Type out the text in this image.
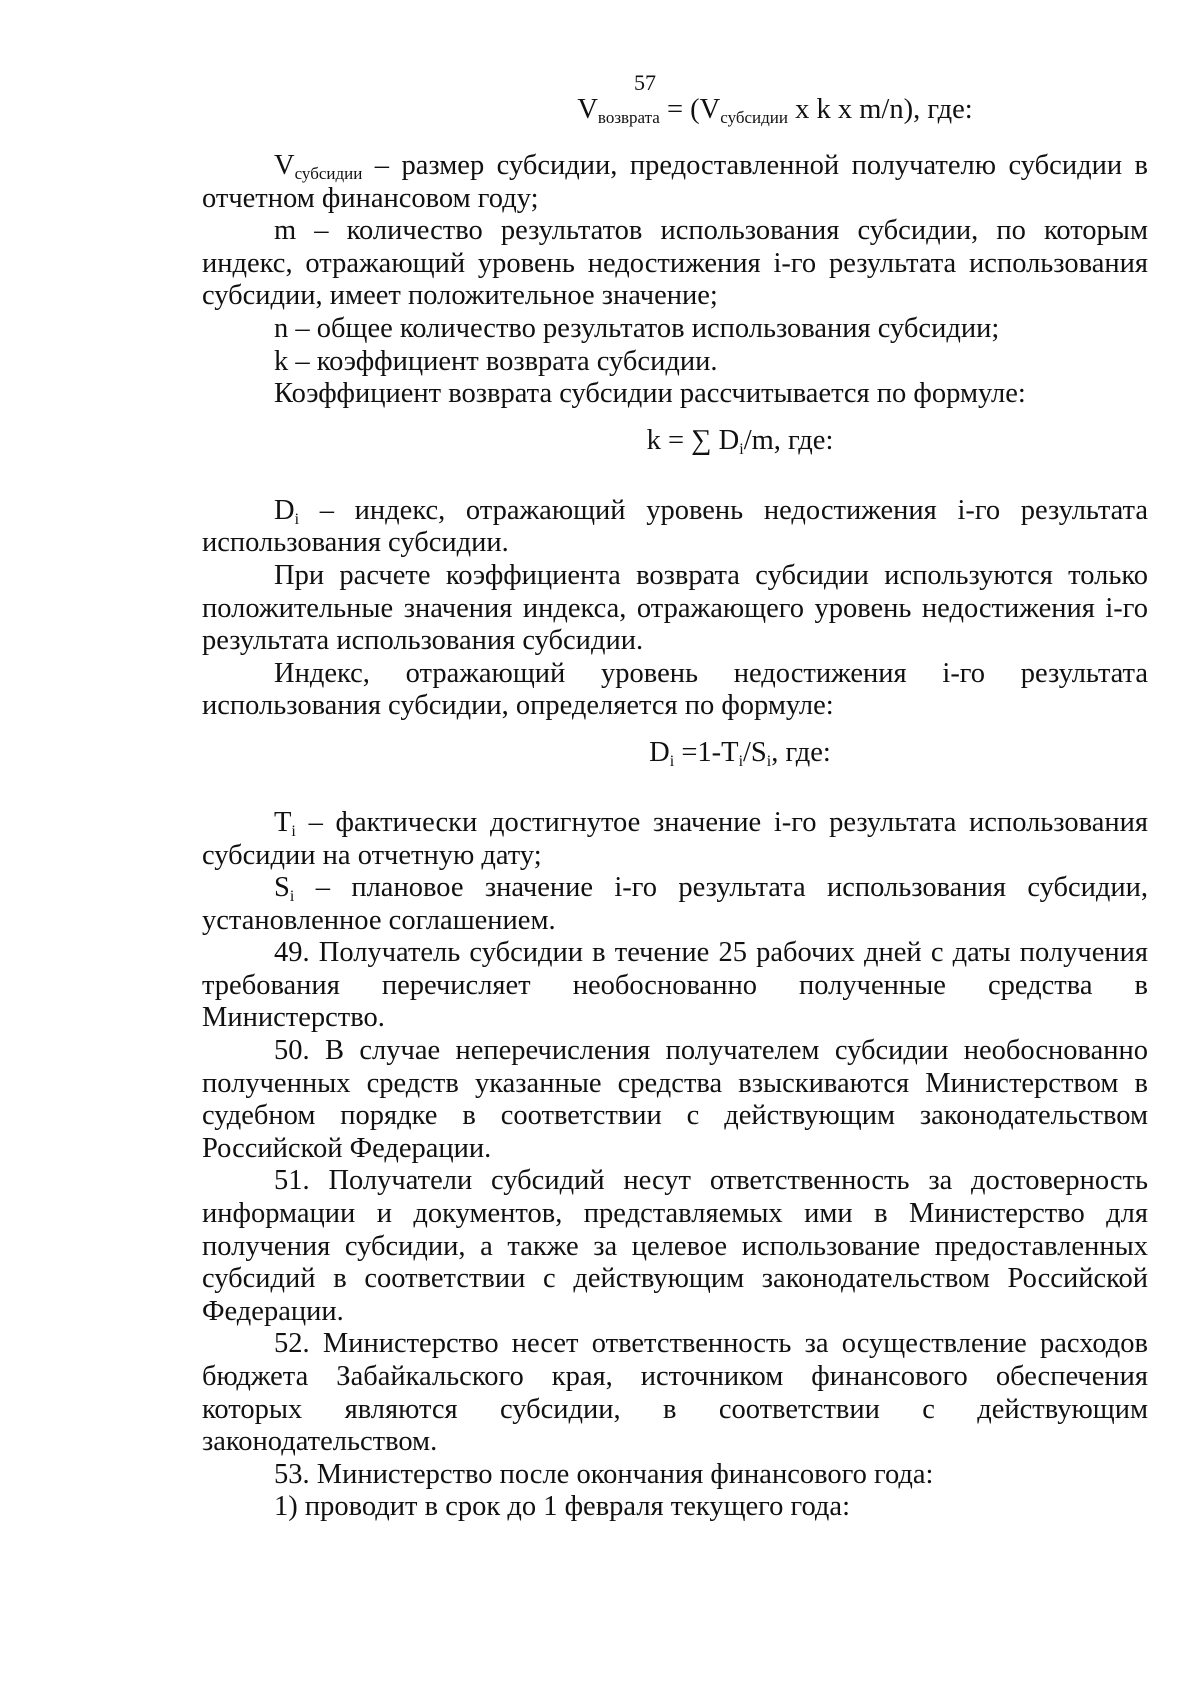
57
$V_{возврата} = (V_{субсидии}$ x k x m/n), где:

$V_{субсидии}$ – размер субсидии, предоставленной получателю субсидии в отчетном финансовом году;

m – количество результатов использования субсидии, по которым индекс, отражающий уровень недостижения i-го результата использования субсидии, имеет положительное значение;

n – общее количество результатов использования субсидии;

k – коэффициент возврата субсидии.

Коэффициент возврата субсидии рассчитывается по формуле:

k = ∑ Di/m, где:

Di – индекс, отражающий уровень недостижения i-го результата использования субсидии.

При расчете коэффициента возврата субсидии используются только положительные значения индекса, отражающего уровень недостижения i-го результата использования субсидии.

Индекс, отражающий уровень недостижения i-го результата использования субсидии, определяется по формуле:

Di =1-Ti/Si, где:

Ti – фактически достигнутое значение i-го результата использования субсидии на отчетную дату;

Si – плановое значение i-го результата использования субсидии, установленное соглашением.

49. Получатель субсидии в течение 25 рабочих дней с даты получения требования перечисляет необоснованно полученные средства в Министерство.

50. В случае неперечисления получателем субсидии необоснованно полученных средств указанные средства взыскиваются Министерством в судебном порядке в соответствии с действующим законодательством Российской Федерации.

51. Получатели субсидий несут ответственность за достоверность информации и документов, представляемых ими в Министерство для получения субсидии, а также за целевое использование предоставленных субсидий в соответствии с действующим законодательством Российской Федерации.

52. Министерство несет ответственность за осуществление расходов бюджета Забайкальского края, источником финансового обеспечения которых являются субсидии, в соответствии с действующим законодательством.

53. Министерство после окончания финансового года:

1) проводит в срок до 1 февраля текущего года:
